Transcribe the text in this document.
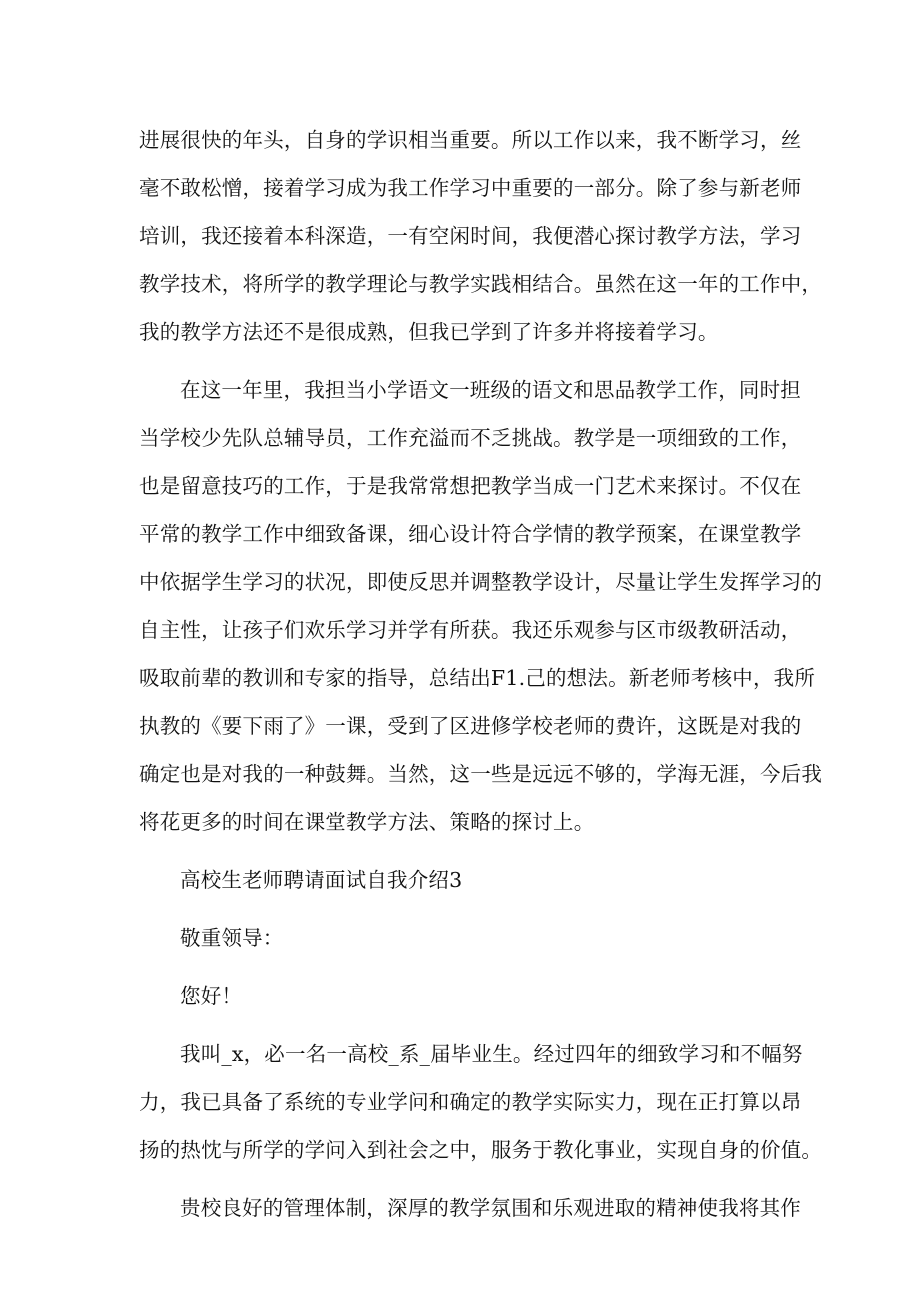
进展很快的年头，自身的学识相当重要。所以工作以来，我不断学习，丝
毫不敢松憎，接着学习成为我工作学习中重要的一部分。除了参与新老师
培训，我还接着本科深造，一有空闲时间，我便潜心探讨教学方法，学习
教学技术，将所学的教学理论与教学实践相结合。虽然在这一年的工作中，
我的教学方法还不是很成熟，但我已学到了许多并将接着学习。
在这一年里，我担当小学语文一班级的语文和思品教学工作，同时担
当学校少先队总辅导员，工作充溢而不乏挑战。教学是一项细致的工作，
也是留意技巧的工作，于是我常常想把教学当成一门艺术来探讨。不仅在
平常的教学工作中细致备课，细心设计符合学情的教学预案，在课堂教学
中依据学生学习的状况，即使反思并调整教学设计，尽量让学生发挥学习的
自主性，让孩子们欢乐学习并学有所获。我还乐观参与区市级教研活动，
吸取前辈的教训和专家的指导，总结出F1.己的想法。新老师考核中，我所
执教的《要下雨了》一课，受到了区进修学校老师的费许，这既是对我的
确定也是对我的一种鼓舞。当然，这一些是远远不够的，学海无涯，今后我
将花更多的时间在课堂教学方法、策略的探讨上。
高校生老师聘请面试自我介绍3
敬重领导：
您好！
我叫_x，必一名一高校_系_届毕业生。经过四年的细致学习和不幅努
力，我已具备了系统的专业学问和确定的教学实际实力，现在正打算以昂
扬的热忱与所学的学问入到社会之中，服务于教化事业，实现自身的价值。
贵校良好的管理体制，深厚的教学氛围和乐观进取的精神使我将其作
